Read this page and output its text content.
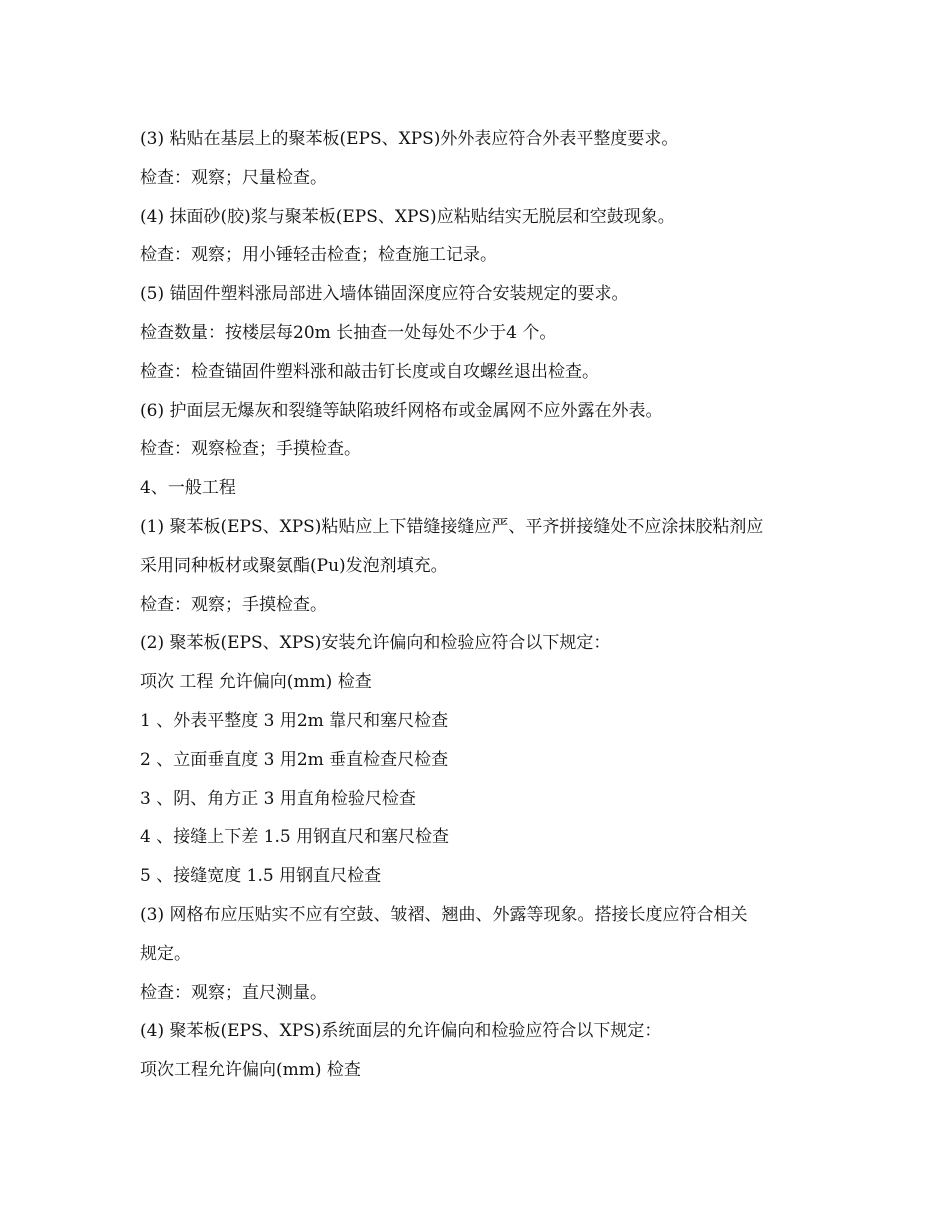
(3) 粘贴在基层上的聚苯板(EPS、XPS)外外表应符合外表平整度要求。
检查：观察；尺量检查。
(4) 抹面砂(胶)浆与聚苯板(EPS、XPS)应粘贴结实无脱层和空鼓现象。
检查：观察；用小锤轻击检查；检查施工记录。
(5) 锚固件塑料涨局部进入墙体锚固深度应符合安装规定的要求。
检查数量：按楼层每20m 长抽查一处每处不少于4 个。
检查：检查锚固件塑料涨和敲击钉长度或自攻螺丝退出检查。
(6) 护面层无爆灰和裂缝等缺陷玻纤网格布或金属网不应外露在外表。
检查：观察检查；手摸检查。
4、一般工程
(1) 聚苯板(EPS、XPS)粘贴应上下错缝接缝应严、平齐拼接缝处不应涂抹胶粘剂应
采用同种板材或聚氨酯(Pu)发泡剂填充。
检查：观察；手摸检查。
(2) 聚苯板(EPS、XPS)安装允许偏向和检验应符合以下规定：
项次 工程 允许偏向(mm) 检查
1 、外表平整度 3 用2m 靠尺和塞尺检查
2 、立面垂直度 3 用2m 垂直检查尺检查
3 、阴、角方正 3 用直角检验尺检查
4 、接缝上下差 1.5 用钢直尺和塞尺检查
5 、接缝宽度 1.5 用钢直尺检查
(3) 网格布应压贴实不应有空鼓、皱褶、翘曲、外露等现象。搭接长度应符合相关
规定。
检查：观察；直尺测量。
(4) 聚苯板(EPS、XPS)系统面层的允许偏向和检验应符合以下规定：
项次工程允许偏向(mm) 检查
